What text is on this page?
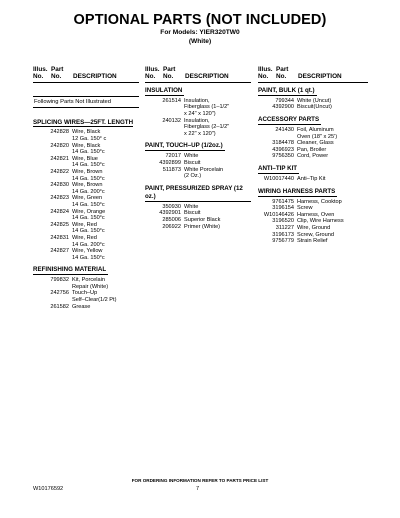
OPTIONAL PARTS (NOT INCLUDED)
For Models: YIER320TW0
(White)
Illus.
No.
Part
No.	DESCRIPTION
Following Parts Not Illustrated
SPLICING WIRES—25FT. LENGTH
242828 Wire, Black
12 Ga. 150° c
242820 Wire, Black
14 Ga. 150°c
242821 Wire, Blue
14 Ga. 150°c
242822 Wire, Brown
14 Ga. 150°c
242830 Wire, Brown
14 Ga. 200°c
242823 Wire, Green
14 Ga. 150°c
242824 Wire, Orange
14 Ga. 150°c
242825 Wire, Red
14 Ga. 150°c
242831 Wire, Red
14 Ga. 200°c
242827 Wire, Yellow
14 Ga. 150°c
REFINISHING MATERIAL
799832 Kit, Porcelain
Repair (White)
242756 Touch–Up
Self–Clear(1/2 Pt)
261582 Grease
Illus.
No.
Part
No.	DESCRIPTION
INSULATION
261514 Insulation,
Fiberglass (1–1/2"
x 24" x 120")
240132 Insulation,
Fiberglass (2–1/2"
x 22" x 120")
PAINT, TOUCH–UP (1/2oz.)
72017 White
4392899 Biscuit
511873 White Porcelain
(2 Oz.)
PAINT, PRESSURIZED SPRAY (12 oz.)
350930 White
4392901 Biscuit
285006 Superior Black
206922 Primer (White)
Illus.
No.
Part
No.	DESCRIPTION
PAINT, BULK (1 qt.)
799344 White (Uncut)
4392900 Biscuit(Uncut)
ACCESSORY PARTS
241430 Foil, Aluminum
Oven (18" x 25')
3184478 Cleaner, Glass
4396923 Pan, Broiler
9756350 Cord, Power
ANTI–TIP KIT
W10017440 Anti–Tip Kit
WIRING HARNESS PARTS
9761475 Harness, Cooktop
3196154 Screw
W10146426 Harness, Oven
3196520 Clip, Wire Harness
311227 Wire, Ground
3196173 Screw, Ground
9756779 Strain Relief
FOR ORDERING INFORMATION REFER TO PARTS PRICE LIST
W10176592	7
